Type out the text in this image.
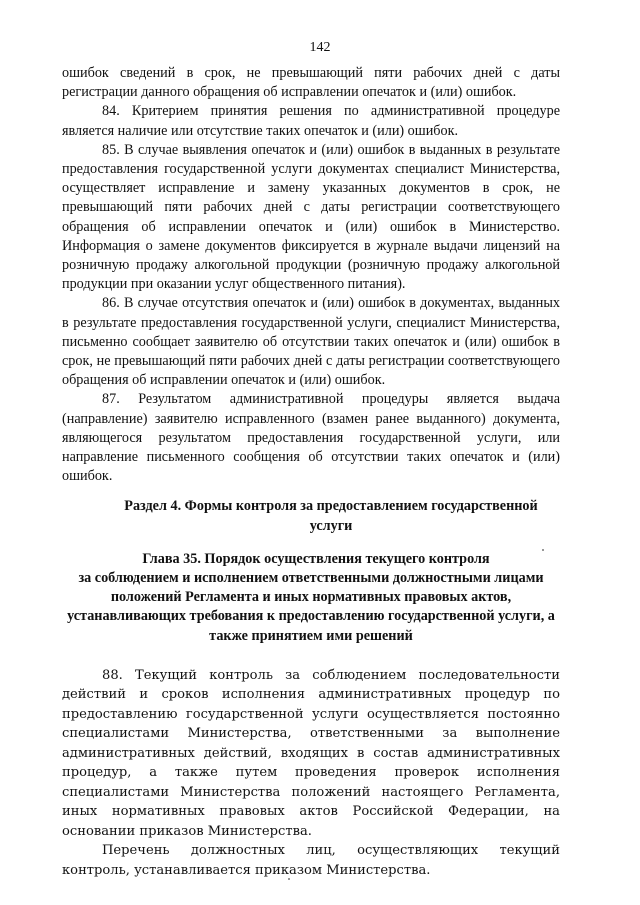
142

ошибок сведений в срок, не превышающий пяти рабочих дней с даты регистрации данного обращения об исправлении опечаток и (или) ошибок.

84. Критерием принятия решения по административной процедуре является наличие или отсутствие таких опечаток и (или) ошибок.

85. В случае выявления опечаток и (или) ошибок в выданных в результате предоставления государственной услуги документах специалист Министерства, осуществляет исправление и замену указанных документов в срок, не превышающий пяти рабочих дней с даты регистрации соответствующего обращения об исправлении опечаток и (или) ошибок в Министерство. Информация о замене документов фиксируется в журнале выдачи лицензий на розничную продажу алкогольной продукции (розничную продажу алкогольной продукции при оказании услуг общественного питания).

86. В случае отсутствия опечаток и (или) ошибок в документах, выданных в результате предоставления государственной услуги, специалист Министерства, письменно сообщает заявителю об отсутствии таких опечаток и (или) ошибок в срок, не превышающий пяти рабочих дней с даты регистрации соответствующего обращения об исправлении опечаток и (или) ошибок.

87. Результатом административной процедуры является выдача (направление) заявителю исправленного (взамен ранее выданного) документа, являющегося результатом предоставления государственной услуги, или направление письменного сообщения об отсутствии таких опечаток и (или) ошибок.

Раздел 4. Формы контроля за предоставлением государственной услуги
Глава 35. Порядок осуществления текущего контроля
за соблюдением и исполнением ответственными должностными лицами положений Регламента и иных нормативных правовых актов, устанавливающих требования к предоставлению государственной услуги, а также принятием ими решений

88. Текущий контроль за соблюдением последовательности действий и сроков исполнения административных процедур по предоставлению государственной услуги осуществляется постоянно специалистами Министерства, ответственными за выполнение административных действий, входящих в состав административных процедур, а также путем проведения проверок исполнения специалистами Министерства положений настоящего Регламента, иных нормативных правовых актов Российской Федерации, на основании приказов Министерства.

Перечень должностных лиц, осуществляющих текущий контроль, устанавливается приказом Министерства.
